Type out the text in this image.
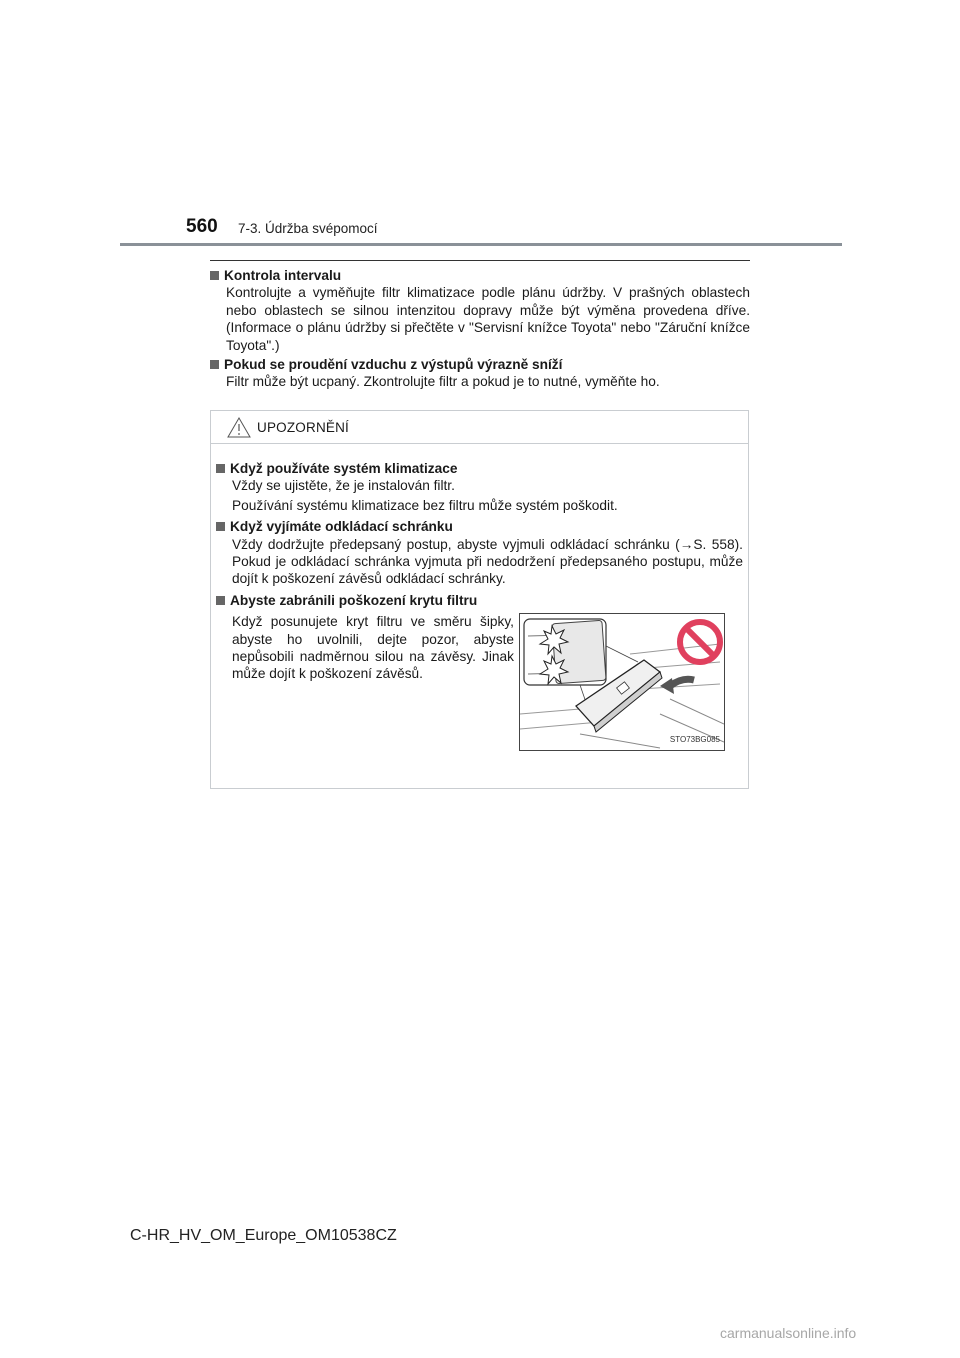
560 7-3. Údržba svépomocí
Kontrola intervalu
Kontrolujte a vyměňujte filtr klimatizace podle plánu údržby. V prašných oblastech nebo oblastech se silnou intenzitou dopravy může být výměna provedena dříve. (Informace o plánu údržby si přečtěte v "Servisní knížce Toyota" nebo "Záruční knížce Toyota".)
Pokud se proudění vzduchu z výstupů výrazně sníží
Filtr může být ucpaný. Zkontrolujte filtr a pokud je to nutné, vyměňte ho.
UPOZORNĚNÍ
Když používáte systém klimatizace
Vždy se ujistěte, že je instalován filtr.
Používání systému klimatizace bez filtru může systém poškodit.
Když vyjímáte odkládací schránku
Vždy dodržujte předepsaný postup, abyste vyjmuli odkládací schránku (→S. 558). Pokud je odkládací schránka vyjmuta při nedodržení předepsaného postupu, může dojít k poškození závěsů odkládací schránky.
Abyste zabránili poškození krytu filtru
Když posunujete kryt filtru ve směru šipky, abyste ho uvolnili, dejte pozor, abyste nepůsobili nadměrnou silou na závěsy. Jinak může dojít k poškození závěsů.
STO73BG085
C-HR_HV_OM_Europe_OM10538CZ
carmanualsonline.info
